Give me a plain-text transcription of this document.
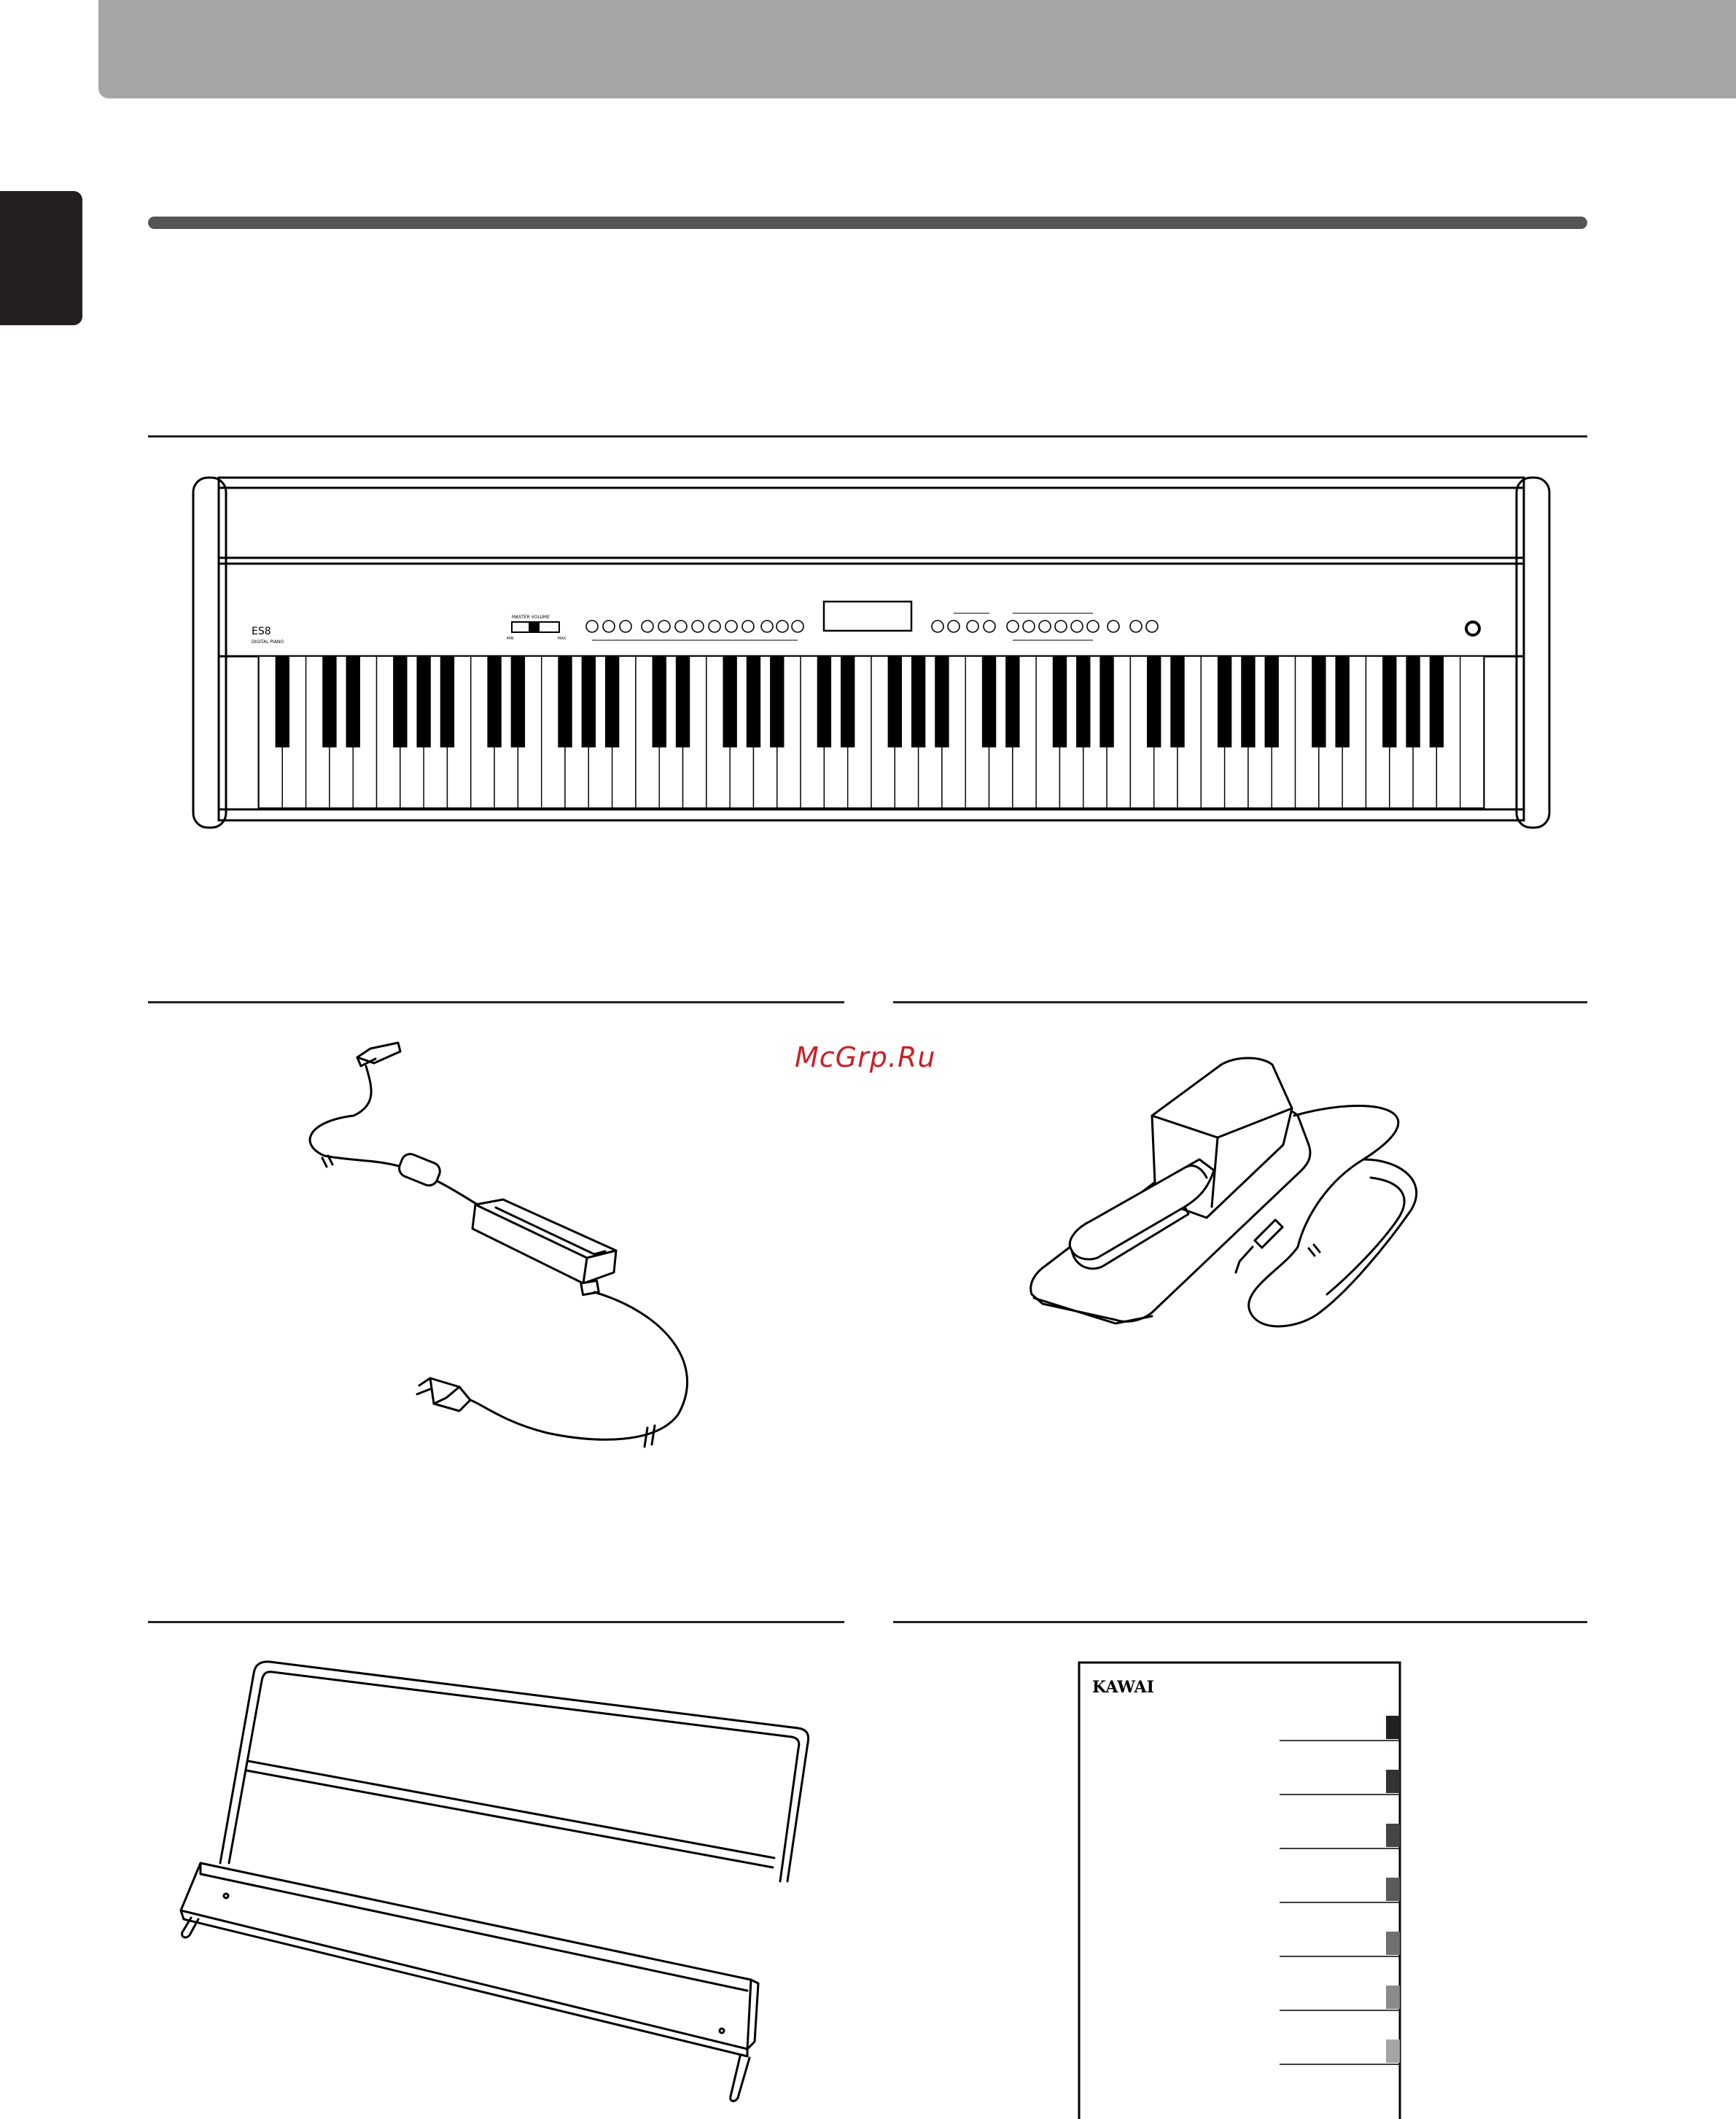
McGrp.Ru
ES8
DIGITAL PIANO
MASTER VOLUME
MIN	MAX
KAWAI
